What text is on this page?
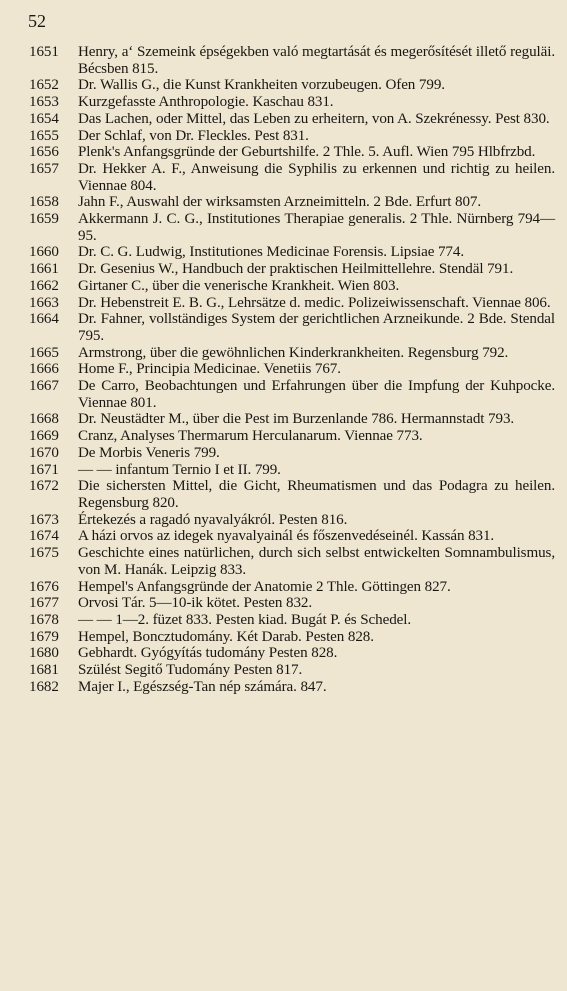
52
1651	Henry, a‘ Szemeink épségekben való megtartását és megerősítését illető reguläi. Bécsben 815.
1652	Dr. Wallis G., die Kunst Krankheiten vorzubeugen. Ofen 799.
1653	Kurzgefasste Anthropologie. Kaschau 831.
1654	Das Lachen, oder Mittel, das Leben zu erheitern, von A. Szekrénessy. Pest 830.
1655	Der Schlaf, von Dr. Fleckles. Pest 831.
1656	Plenk's Anfangsgründe der Geburtshilfe. 2 Thle. 5. Aufl. Wien 795 Hlbfrzbd.
1657	Dr. Hekker A. F., Anweisung die Syphilis zu erkennen und richtig zu heilen. Viennae 804.
1658	Jahn F., Auswahl der wirksamsten Arzneimitteln. 2 Bde. Erfurt 807.
1659	Akkermann J. C. G., Institutiones Therapiae generalis. 2 Thle. Nürnberg 794—95.
1660	Dr. C. G. Ludwig, Institutiones Medicinae Forensis. Lipsiae 774.
1661	Dr. Gesenius W., Handbuch der praktischen Heilmittellehre. Stendäl 791.
1662	Girtaner C., über die venerische Krankheit. Wien 803.
1663	Dr. Hebenstreit E. B. G., Lehrsätze d. medic. Polizeiwissenschaft. Viennae 806.
1664	Dr. Fahner, vollständiges System der gerichtlichen Arzneikunde. 2 Bde. Stendal 795.
1665	Armstrong, über die gewöhnlichen Kinderkrankheiten. Regensburg 792.
1666	Home F., Principia Medicinae. Venetiis 767.
1667	De Carro, Beobachtungen und Erfahrungen über die Impfung der Kuhpocke. Viennae 801.
1668	Dr. Neustädter M., über die Pest im Burzenlande 786. Hermannstadt 793.
1669	Cranz, Analyses Thermarum Herculanarum. Viennae 773.
1670	De Morbis Veneris 799.
1671	— — infantum Ternio I et II. 799.
1672	Die sichersten Mittel, die Gicht, Rheumatismen und das Podagra zu heilen. Regensburg 820.
1673	Értekezés a ragadó nyavalyákról. Pesten 816.
1674	A házi orvos az idegek nyavalyainál és főszenvedéseinél. Kassán 831.
1675	Geschichte eines natürlichen, durch sich selbst entwickelten Somnambulismus, von M. Hanák. Leipzig 833.
1676	Hempel's Anfangsgründe der Anatomie 2 Thle. Göttingen 827.
1677	Orvosi Tár. 5—10-ik kötet. Pesten 832.
1678	— — 1—2. füzet 833. Pesten kiad. Bugát P. és Schedel.
1679	Hempel, Boncztudomány. Két Darab. Pesten 828.
1680	Gebhardt. Gyógyítás tudomány Pesten 828.
1681	Szülést Segitő Tudomány Pesten 817.
1682	Majer I., Egészség-Tan nép számára. 847.
